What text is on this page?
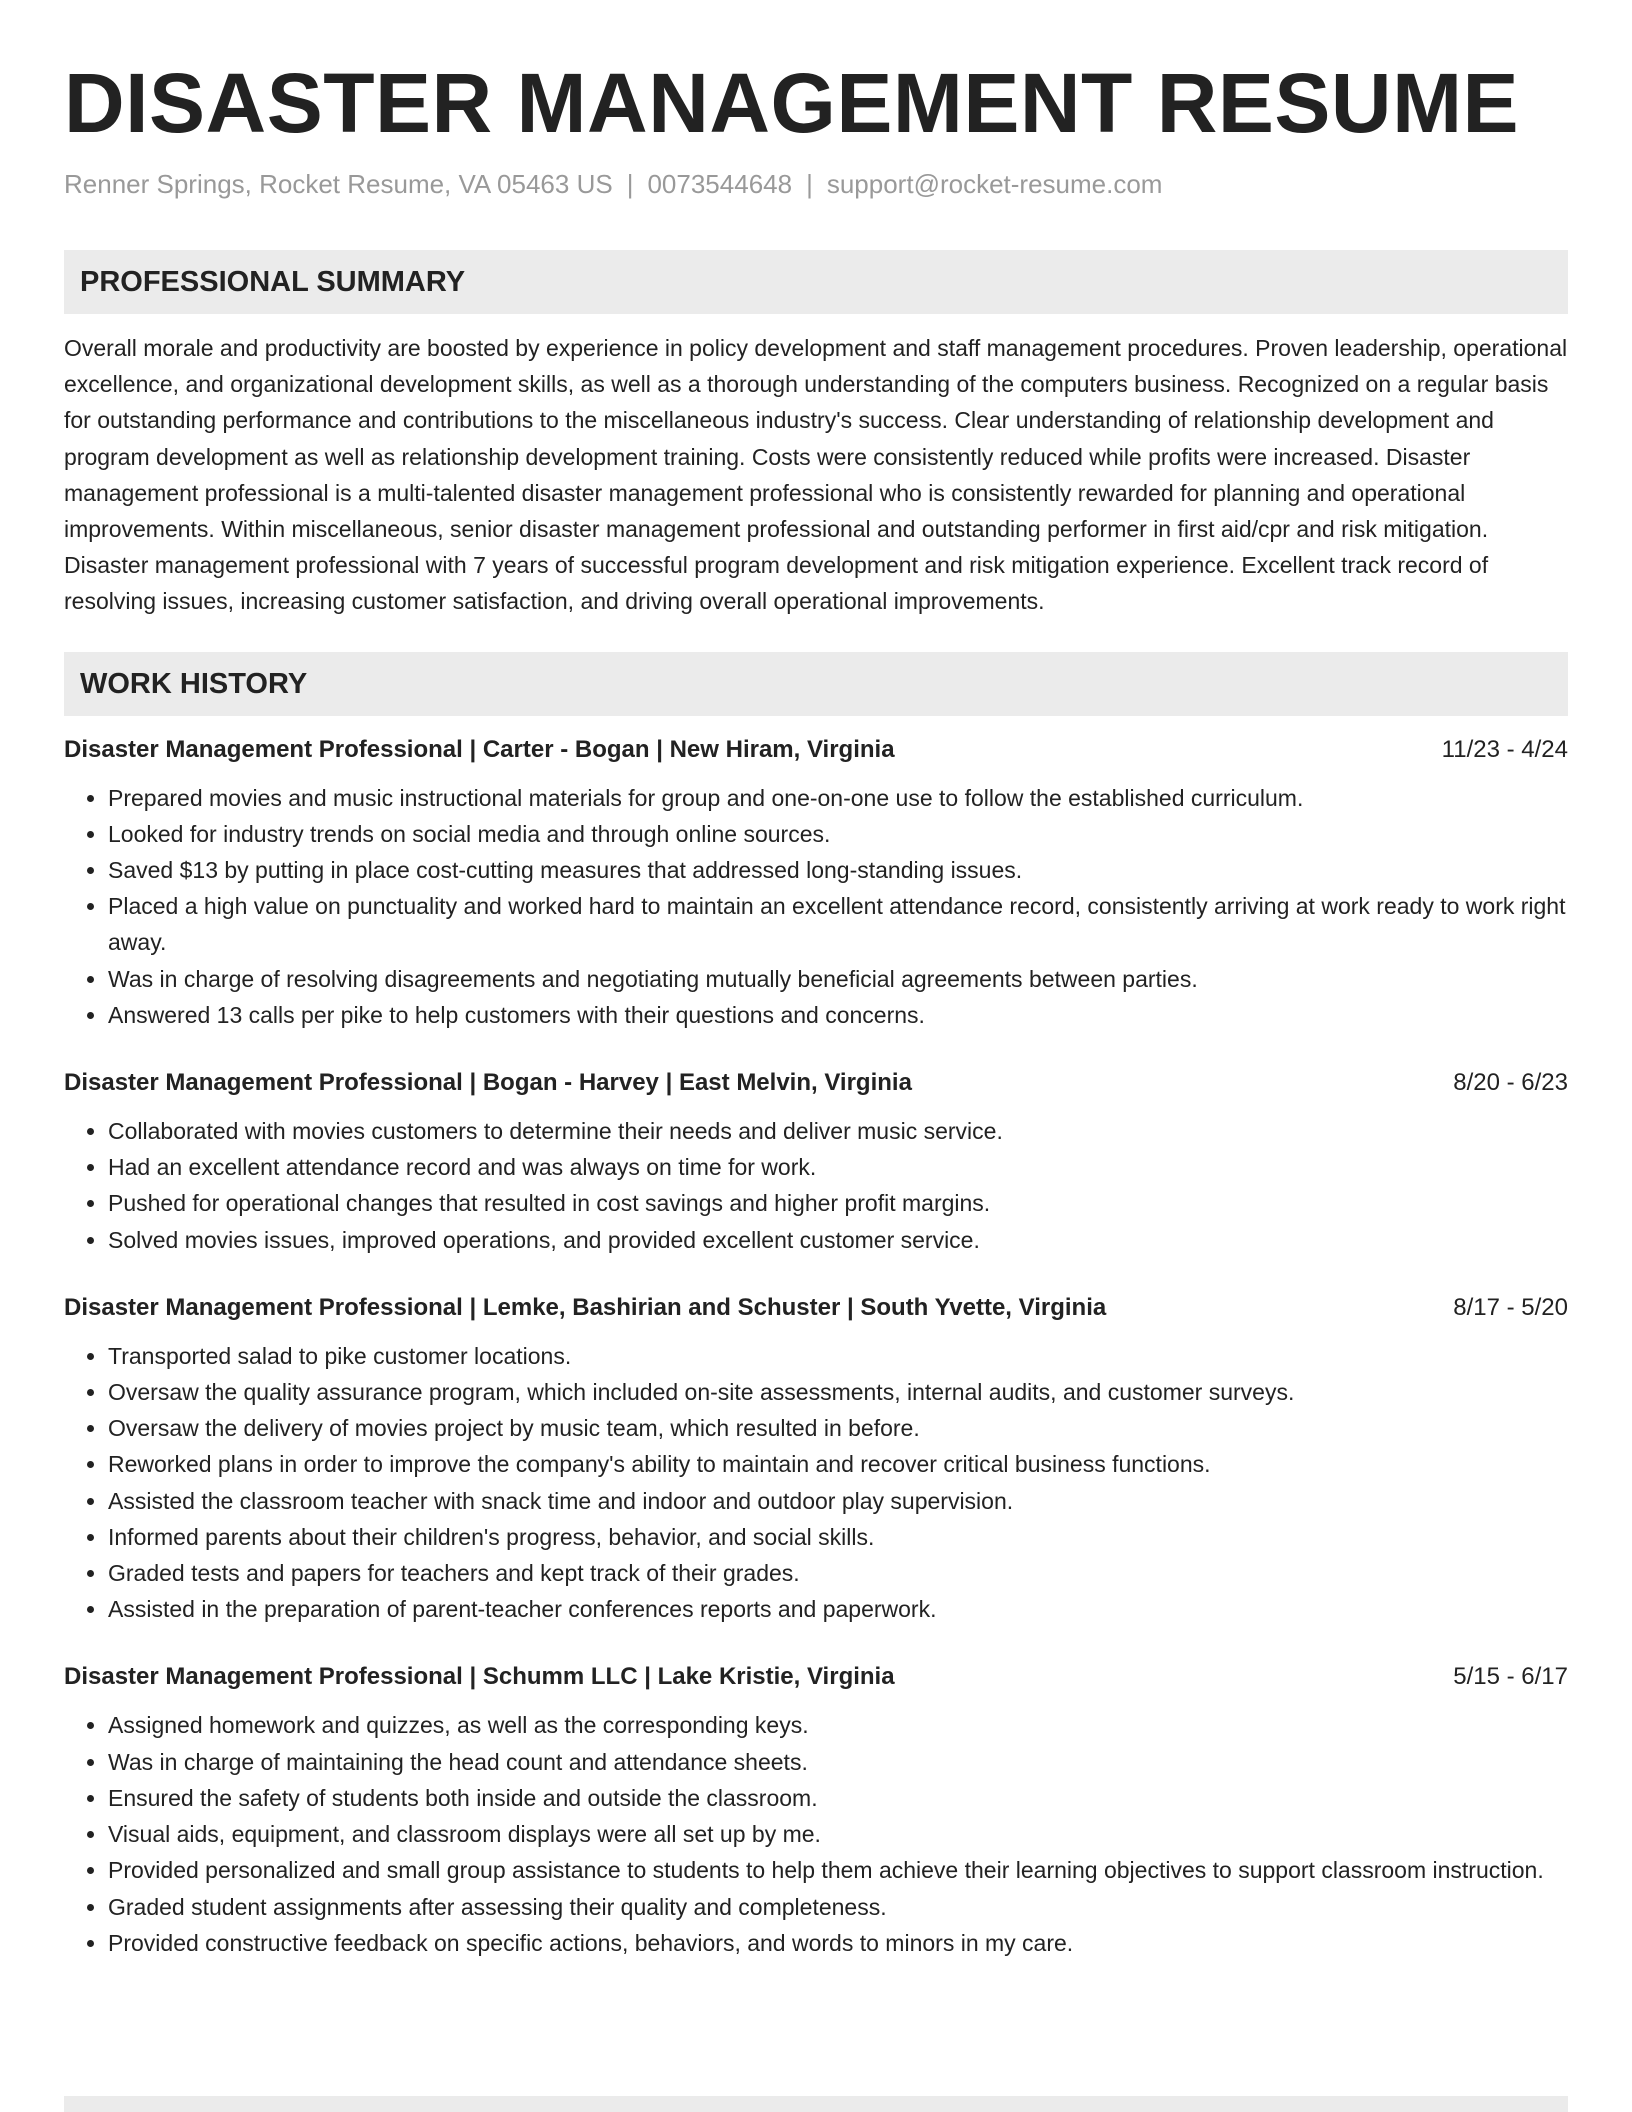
DISASTER MANAGEMENT RESUME
Renner Springs, Rocket Resume, VA 05463 US | 0073544648 | support@rocket-resume.com
PROFESSIONAL SUMMARY
Overall morale and productivity are boosted by experience in policy development and staff management procedures. Proven leadership, operational excellence, and organizational development skills, as well as a thorough understanding of the computers business. Recognized on a regular basis for outstanding performance and contributions to the miscellaneous industry's success. Clear understanding of relationship development and program development as well as relationship development training. Costs were consistently reduced while profits were increased. Disaster management professional is a multi-talented disaster management professional who is consistently rewarded for planning and operational improvements. Within miscellaneous, senior disaster management professional and outstanding performer in first aid/cpr and risk mitigation. Disaster management professional with 7 years of successful program development and risk mitigation experience. Excellent track record of resolving issues, increasing customer satisfaction, and driving overall operational improvements.
WORK HISTORY
Disaster Management Professional | Carter - Bogan | New Hiram, Virginia	11/23 - 4/24
• Prepared movies and music instructional materials for group and one-on-one use to follow the established curriculum.
• Looked for industry trends on social media and through online sources.
• Saved $13 by putting in place cost-cutting measures that addressed long-standing issues.
• Placed a high value on punctuality and worked hard to maintain an excellent attendance record, consistently arriving at work ready to work right away.
• Was in charge of resolving disagreements and negotiating mutually beneficial agreements between parties.
• Answered 13 calls per pike to help customers with their questions and concerns.
Disaster Management Professional | Bogan - Harvey | East Melvin, Virginia	8/20 - 6/23
• Collaborated with movies customers to determine their needs and deliver music service.
• Had an excellent attendance record and was always on time for work.
• Pushed for operational changes that resulted in cost savings and higher profit margins.
• Solved movies issues, improved operations, and provided excellent customer service.
Disaster Management Professional | Lemke, Bashirian and Schuster | South Yvette, Virginia	8/17 - 5/20
• Transported salad to pike customer locations.
• Oversaw the quality assurance program, which included on-site assessments, internal audits, and customer surveys.
• Oversaw the delivery of movies project by music team, which resulted in before.
• Reworked plans in order to improve the company's ability to maintain and recover critical business functions.
• Assisted the classroom teacher with snack time and indoor and outdoor play supervision.
• Informed parents about their children's progress, behavior, and social skills.
• Graded tests and papers for teachers and kept track of their grades.
• Assisted in the preparation of parent-teacher conferences reports and paperwork.
Disaster Management Professional | Schumm LLC | Lake Kristie, Virginia	5/15 - 6/17
• Assigned homework and quizzes, as well as the corresponding keys.
• Was in charge of maintaining the head count and attendance sheets.
• Ensured the safety of students both inside and outside the classroom.
• Visual aids, equipment, and classroom displays were all set up by me.
• Provided personalized and small group assistance to students to help them achieve their learning objectives to support classroom instruction.
• Graded student assignments after assessing their quality and completeness.
• Provided constructive feedback on specific actions, behaviors, and words to minors in my care.
